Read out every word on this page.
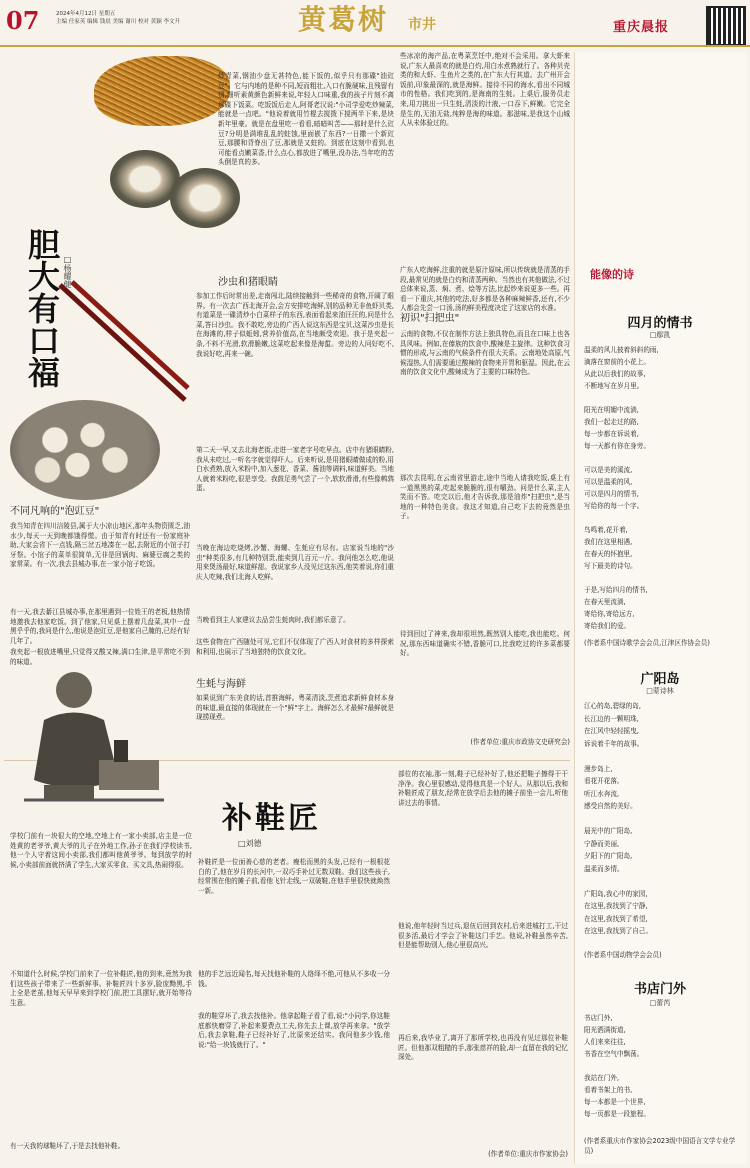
07	2024年4月12日 星期五
主编 任家英 编辑 钱晨 美编 谢川 校对 黄颖 李文升	黄葛树 市井	重庆晨报
胆大有口福 □杨耀健
炒青菜,钢油少盘无甚特色,能下饭的,似乎只有那碟"油豇豆"。它与内地的是种不同,短而粗壮,入口有脆硬味,且残留有别,细听素黄颜色新鲜来说,年轻人口味重,我的孩子片刻不离那碟下饭菜。吃饭饭后走人,阿哥老汉说:"小司学爱吃炒辣菜,能就是一点吧。"他说着就用竹棍去搅拨下搅两半下来,是块新年里豪。就是在盘里吃一看看,暗暗叫苦——那时是什么豇豆?分明是满堆乱乱的蛀蚀,里面嵌了东西?一日撒一个新豇豆,那腰和背脊出了豆,那就是又蛀的。到底在这刻中看到,也可能看点嫩菜香,什么点心,都放进了嘴里,没办法,当年吃的苦头倒是真的多。
沙虫和猪眼睛
参加工作后时常出差,走南闯北,陆续接触到一些稀奇的食物,开阔了眼界。有一次去广西北海开会,会方安排吃海鲜,别的品种无非鱼虾贝类,有道菜是一碟清炒小白菜样子的东西,表面看起来油汪汪的,问是什么菜,答曰沙虫。我不敢吃,旁边的广西人说这东西是宝贝,这菜沙虫是长在海滩的,样子似蚯蚓,营养价值高,在当地颇受欢迎。我于是夹起一条,不料不光滑,软滑脆嫩,这菜吃起来像是海蜇。旁边的人问好吃不,我说好吃,再来一碗。
第二天一早,又去北海老街,走进一家老字号吃早点。店中有猪眼睛粉,我从未吃过,一听名字就觉得吓人。后来听说,是用猪眼睛做成的粉,用白水煮熟,放入米粉中,加入葱花、香菜、酱油等调料,味道鲜美。当地人就着米粉吃,很是享受。我鼓足勇气尝了一个,软软滑滑,有些像鹌鹑蛋。
当晚在海边吃烧烤,沙蟹、海螺、生蚝应有尽有。店家说当地的"沙虫"种类很多,有几种特别贵,能卖到几百元一斤。我问他怎么吃,他说用来煲汤最好,味道鲜甜。我说家乡人没见过这东西,他笑着说,你们重庆人吃辣,我们北海人吃鲜。
当晚看到主人家建议去品尝生蚝肉时,我们都乐意了。
这些食物在广西随处可见,它们不仅体现了广西人对食材的多样探索和利用,也展示了当地独特的饮食文化。
生蚝与海鲜
如果说到广东美食的话,首推海鲜。粤菜清淡,烹煮追求新鲜食材本身的味道,最直接的体现就在一个"鲜"字上。海鲜怎么才最鲜?最鲜就是现捞现煮。
不同凡响的"泡豇豆"
我当知青在四川涪陵县,属于大小凉山地区,那年头物资匮乏,油水少,每天一天到晚都饿得慌。由于知青有时还有一份家庭补助,大家会省下一点钱,隔三岔五地凑在一起,去附近的小馆子打牙祭。小馆子的菜单很简单,无非是回锅肉、麻婆豆腐之类的家常菜。有一次,我去县城办事,在一家小馆子吃饭。
有一天,我去綦江县城办事,在那里遇到一位姓王的老板,他热情地邀我去他家吃饭。到了他家,只见桌上摆着几盘菜,其中一盘黑乎乎的,我问是什么,他说是泡豇豆,是他家自己腌的,已经有好几年了。
我夹起一根放进嘴里,只觉得又酸又辣,满口生津,是平常吃不到的味道。
些冰凉的海产品,在粤菜烹饪中,绝对不会采用。拿大虾来说,广东人最喜欢的就是白灼,用白水煮熟就行了。各种贝壳类的和大虾、生鱼片之类的,在广东大行其道。去广州开会饭前,印象最深的,就是海鲜。接待不同的海水,看出不同城市的性格。我们吃到的,是海南的生蚝。上桌后,服务员走来,用刀挑出一只生蚝,清淡的汁液,一口吞下,鲜嫩。它完全是生的,无油无盐,纯粹是海的味道。那滋味,是我这个山城人从未体验过的。
广东人吃海鲜,注重的就是原汁原味,所以传统就是清蒸的手段,最常见的就是白灼和清蒸两种。当然也有其他做法,不过总体来说,蒸、焖、煮、烩等方法,比起炒来说更多一些。再看一下重庆,其他的吃法,好多都是各种麻辣鲜香,还有,不少人都会先尝一口汤,汤的鲜美程度决定了这家店的水准。
初识"扫把虫"
云南的食物,不仅在制作方法上独具特色,而且在口味上也各具风味。例如,在傣族的饮食中,酸辣是主旋律。这种饮食习惯的形成,与云南的气候条件有很大关系。云南地处高原,气候湿热,人们需要通过酸辣的食物来开胃和驱湿。因此,在云南的饮食文化中,酸辣成为了主要的口味特色。
那次去昆明,在云南省里游走,途中当地人请我吃饭,桌上有一道黑黑的菜,吃起来脆脆的,很有嚼劲。问是什么菜,主人笑而不答。吃完以后,他才告诉我,那是油炸"扫把虫",是当地的一种特色美食。我这才知道,自己吃下去的竟然是虫子。
待到回过了神来,我却很坦然,既然别人能吃,我也能吃。何况,那东西味道确实不错,香脆可口,比我吃过的许多菜都要好。
(作者单位:重庆市政协文史研究会)
补鞋匠
□刘德
学校门前有一块很大的空地,空地上有一家小卖部,店主是一位姓黄的老爷爷,黄大爷的儿子在外地工作,孙子在我们学校读书,他一个人守着这间小卖部,我们都叫他黄爷爷。每到放学的时候,小卖部前面就挤满了学生,大家买零食、买文具,热闹得很。
不知道什么时候,学校门前来了一位补鞋匠,他的到来,竟然为我们这些孩子带来了一些新鲜事。补鞋匠四十多岁,脸庞黝黑,手上全是老茧,他每天早早来到学校门前,把工具摆好,就开始等待生意。
有一天我的球鞋坏了,于是去找他补鞋。
补鞋匠是一位面善心慈的老者。瘦松而黑的头发,已经有一根根花白的了,他在岁月的长河中,一双巧手补过无数双鞋。我们这些孩子,经常围在他的摊子前,看他飞针走线,一双破鞋,在他手里很快就焕然一新。
他的手艺远近闻名,每天找他补鞋的人络绎不绝,可他从不多收一分钱。
我的鞋穿坏了,我去找他补。他拿起鞋子看了看,说:"小同学,你这鞋底都快磨穿了,补起来要费点工夫,你先去上课,放学再来拿。"放学后,我去拿鞋,鞋子已经补好了,比原来还结实。我问他多少钱,他说:"给一块钱就行了。"
部位的衣袖,那一刻,鞋子已经补好了,他还把鞋子擦得干干净净。我心里很感动,觉得他真是一个好人。从那以后,我和补鞋匠成了朋友,经常在放学后去他的摊子前坐一会儿,听他讲过去的事情。
他说,他年轻时当过兵,退伍后回到农村,后来进城打工,干过很多活,最后才学会了补鞋这门手艺。他说,补鞋虽然辛苦,但是能帮助别人,他心里很高兴。
再后来,我毕业了,离开了那所学校,也再没有见过那位补鞋匠。但他那双粗糙的手,那张慈祥的脸,却一直留在我的记忆深处。
(作者单位:重庆市作家协会)
能像的诗
四月的情书
□鄢凯
(作者系中国诗歌学会会员,江津区作协会员)
广阳岛
□蒙诗林
(作者系中国动物学会会员)
书店门外
□蕾芮
(作者系重庆市作家协会2023级中国语言文学专业学员)
温柔的风儿披着斜斜的雨,
滴落在窗前的小花上。
从此以后我们的故事,
不断地写在岁月里。
阳光在明媚中流淌,
我们一起走过的路,
每一步都在诉说着,
每一天都有你在身旁。
可以是美的溪流,
可以是温柔的风,
可以是四月的情书,
写给你的每一个字。
鸟鸣着,花开着,
我们在这里相遇,
在春天的怀抱里,
写下最美的诗句。
于是,写给四月的情书,
在春天里流淌,
寄给你,寄给远方,
寄给我们的爱。
江心的岛,碧绿的岛,
长江边的一颗明珠,
在江风中轻轻摇曳,
诉说着千年的故事。
漫步岛上,
看花开花落,
听江水奔流,
感受自然的美好。
晨光中的广阳岛,
宁静而美丽,
夕阳下的广阳岛,
温柔而多情。
广阳岛,我心中的家园,
在这里,我找到了宁静,
在这里,我找到了希望,
在这里,我找到了自己。
书店门外,
阳光洒满街道,
人们来来往往,
书香在空气中飘荡。
我站在门外,
看着书架上的书,
每一本都是一个世界,
每一页都是一段旅程。
